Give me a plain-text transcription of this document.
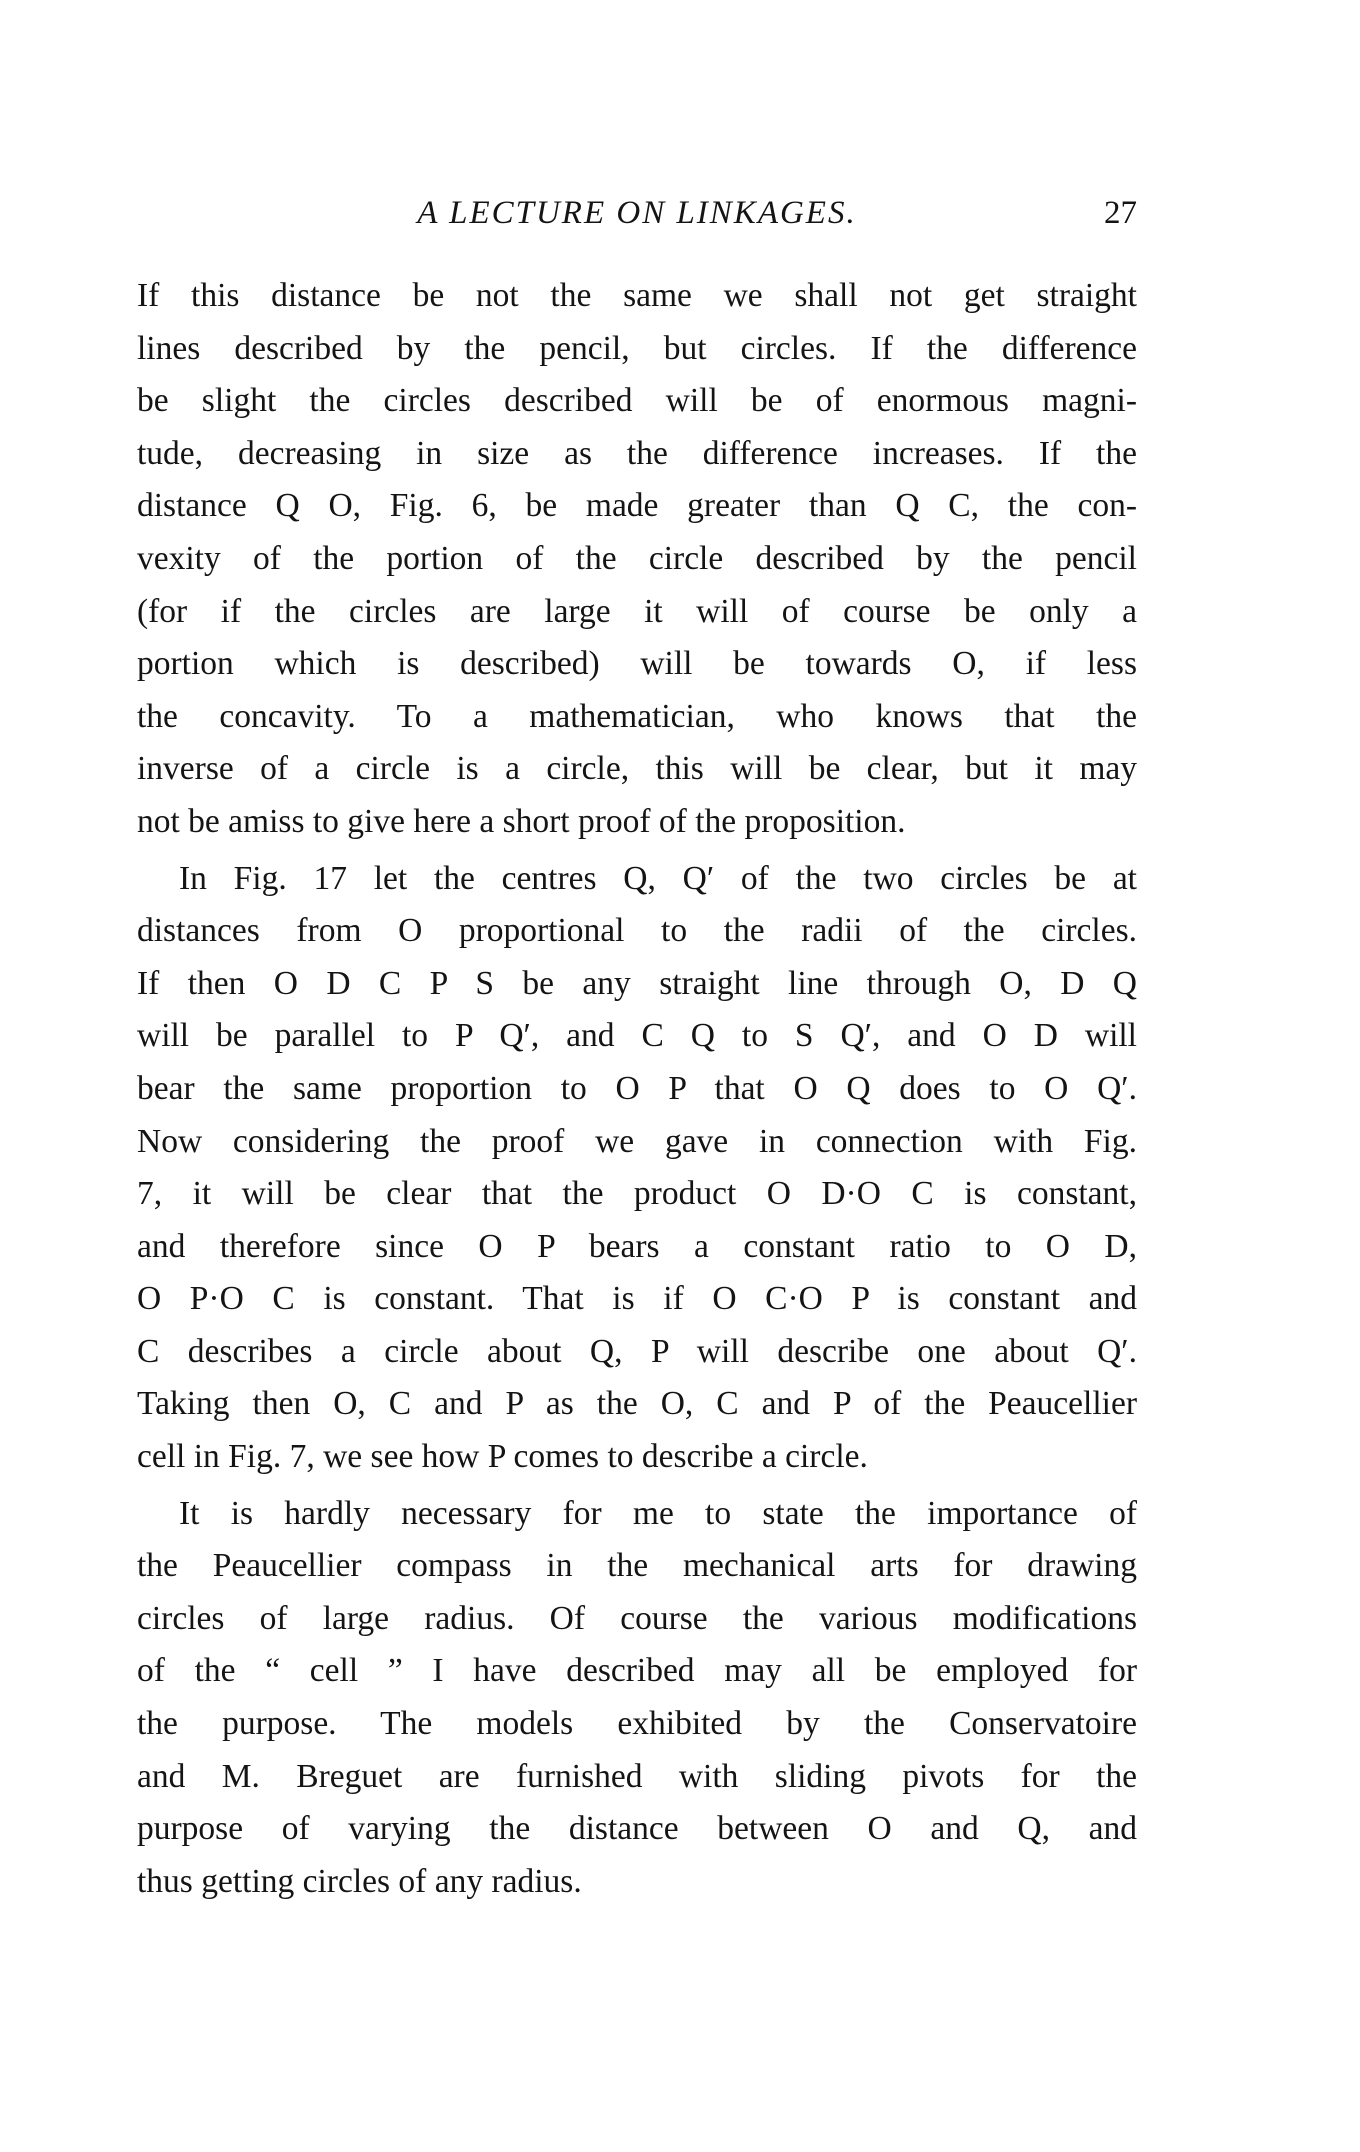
A LECTURE ON LINKAGES.	27
If this distance be not the same we shall not get straight
lines described by the pencil, but circles. If the difference
be slight the circles described will be of enormous magni-
tude, decreasing in size as the difference increases. If the
distance Q O, Fig. 6, be made greater than Q C, the con-
vexity of the portion of the circle described by the pencil
(for if the circles are large it will of course be only a
portion which is described) will be towards O, if less
the concavity. To a mathematician, who knows that the
inverse of a circle is a circle, this will be clear, but it may
not be amiss to give here a short proof of the proposition.
In Fig. 17 let the centres Q, Q′ of the two circles be at
distances from O proportional to the radii of the circles.
If then O D C P S be any straight line through O, D Q
will be parallel to P Q′, and C Q to S Q′, and O D will
bear the same proportion to O P that O Q does to O Q′.
Now considering the proof we gave in connection with Fig.
7, it will be clear that the product O D·O C is constant,
and therefore since O P bears a constant ratio to O D,
O P·O C is constant. That is if O C·O P is constant and
C describes a circle about Q, P will describe one about Q′.
Taking then O, C and P as the O, C and P of the Peaucellier
cell in Fig. 7, we see how P comes to describe a circle.
It is hardly necessary for me to state the importance of
the Peaucellier compass in the mechanical arts for drawing
circles of large radius. Of course the various modifications
of the “ cell ” I have described may all be employed for
the purpose. The models exhibited by the Conservatoire
and M. Breguet are furnished with sliding pivots for the
purpose of varying the distance between O and Q, and
thus getting circles of any radius.
